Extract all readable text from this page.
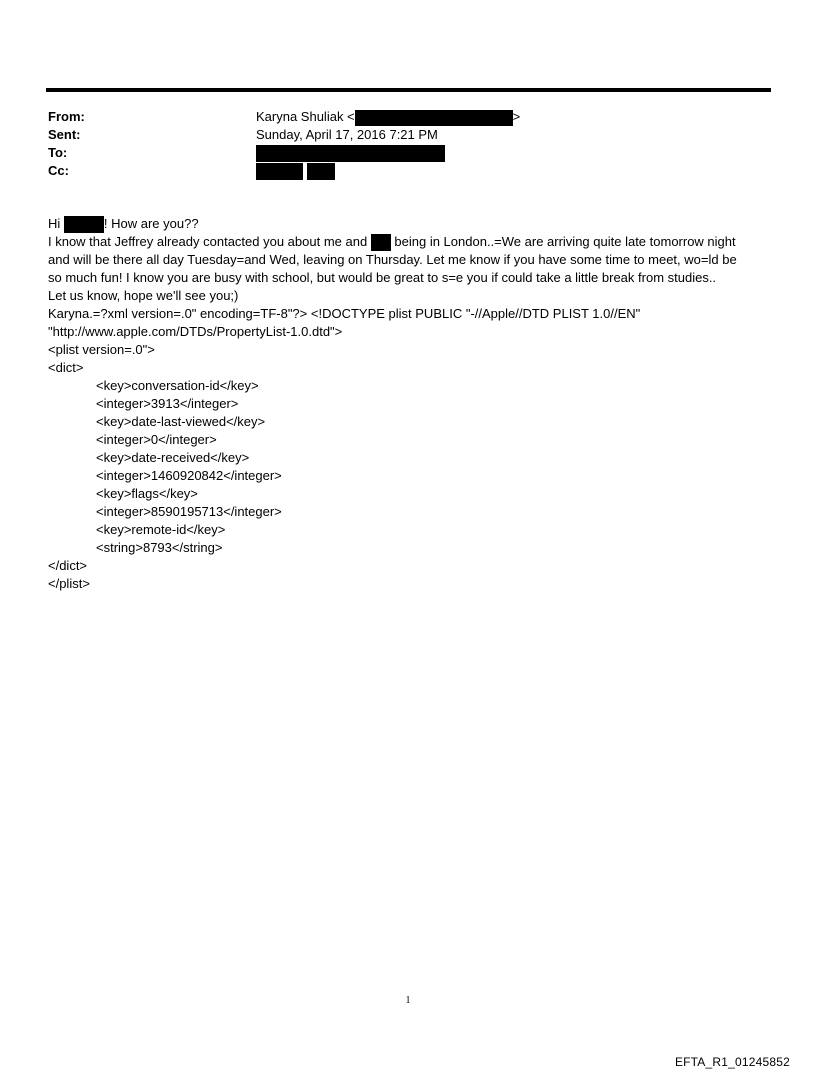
From:	Karyna Shuliak <	>
Sent:	Sunday, April 17, 2016 7:21 PM
To:
Cc:
Hi	! How are you??
I know that Jeffrey already contacted you about me and  being in London..=We are arriving quite late tomorrow night
and will be there all day Tuesday=and Wed, leaving on Thursday. Let me know if you have some time to meet, wo=ld be
so much fun! I know you are busy with school, but would be great to s=e you if could take a little break from studies..
Let us know, hope we'll see you;)
Karyna.=?xml version=.0" encoding=TF-8"?> <!DOCTYPE plist PUBLIC "-//Apple//DTD PLIST 1.0//EN"
"http://www.apple.com/DTDs/PropertyList-1.0.dtd">
<plist version=.0">
<dict>
<key>conversation-id</key>
<integer>3913</integer>
<key>date-last-viewed</key>
<integer>0</integer>
<key>date-received</key>
<integer>1460920842</integer>
<key>flags</key>
<integer>8590195713</integer>
<key>remote-id</key>
<string>8793</string>
</dict>
</plist>
1
EFTA_R1_01245852
